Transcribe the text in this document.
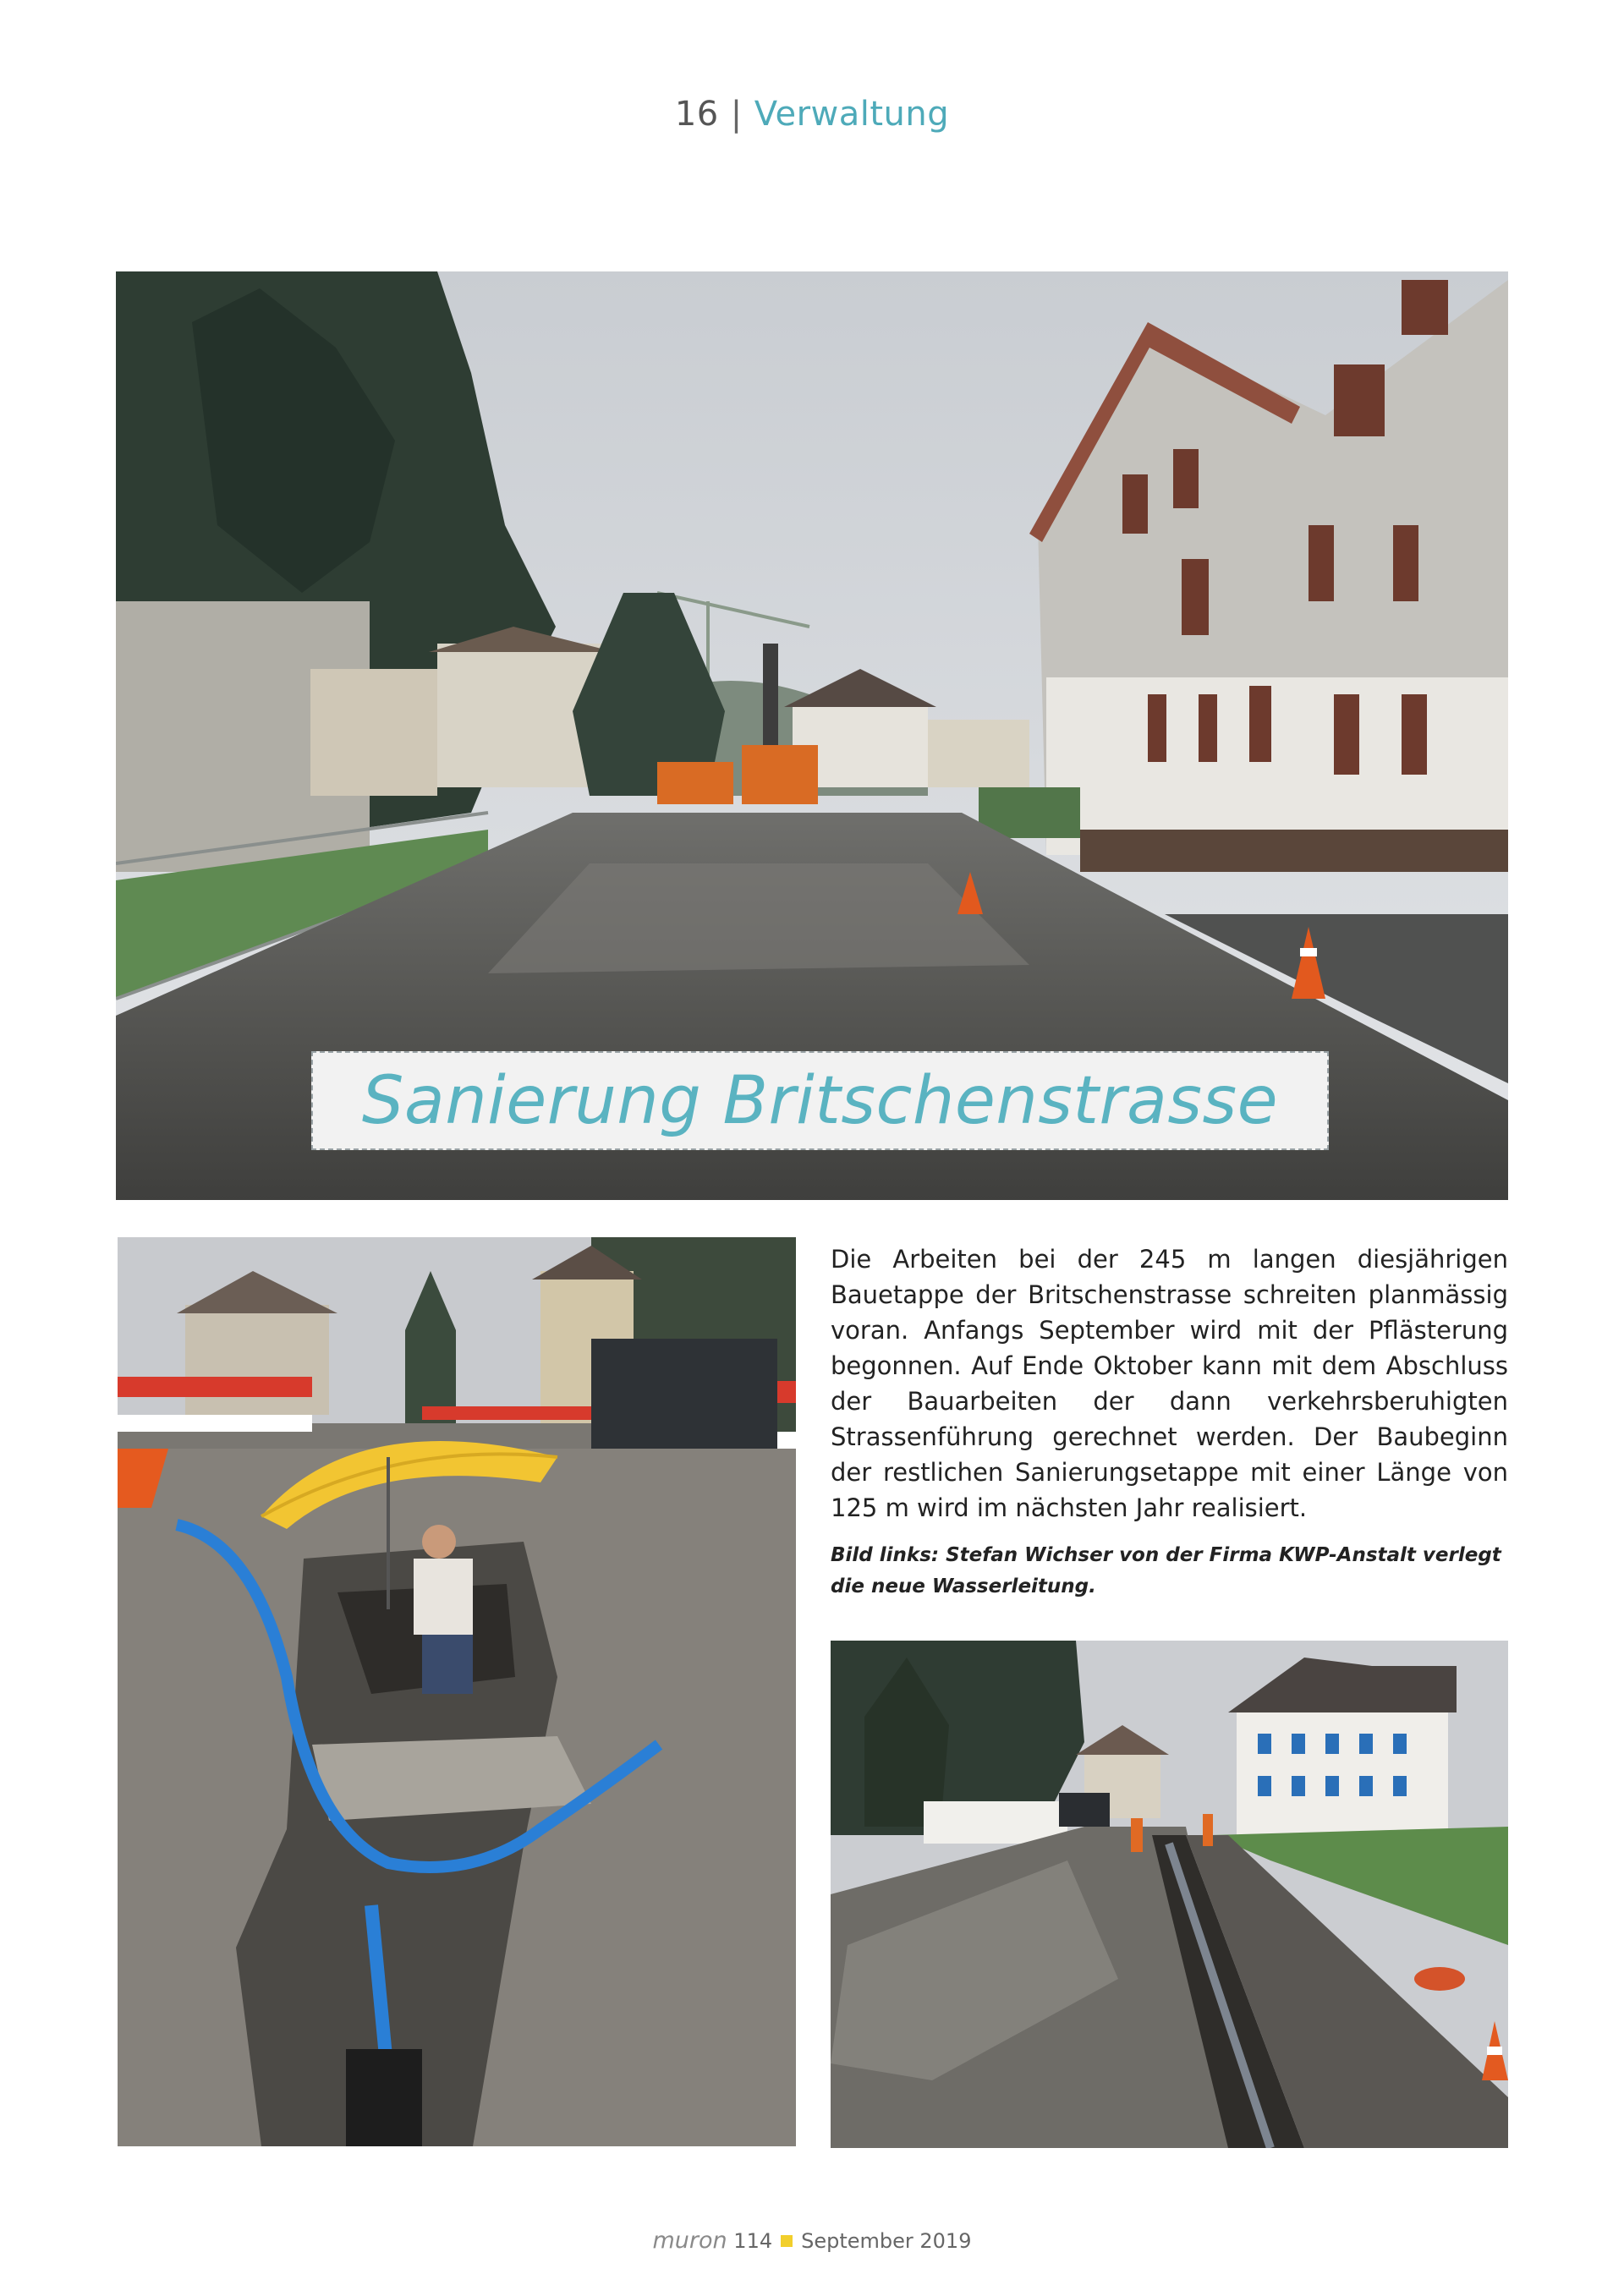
16 | Verwaltung
Sanierung Britschenstrasse

Die Arbeiten bei der 245 m langen diesjährigen Bauetappe der Britschenstrasse schreiten planmässig voran. Anfangs September wird mit der Pflästerung begonnen. Auf Ende Oktober kann mit dem Abschluss der Bauarbeiten der dann verkehrsberuhigten Strassenführung gerechnet werden. Der Baubeginn der restlichen Sanierungsetappe mit einer Länge von 125 m wird im nächsten Jahr realisiert.

Bild links: Stefan Wichser von der Firma KWP-Anstalt verlegt die neue Wasserleitung.

muron 114 September 2019
